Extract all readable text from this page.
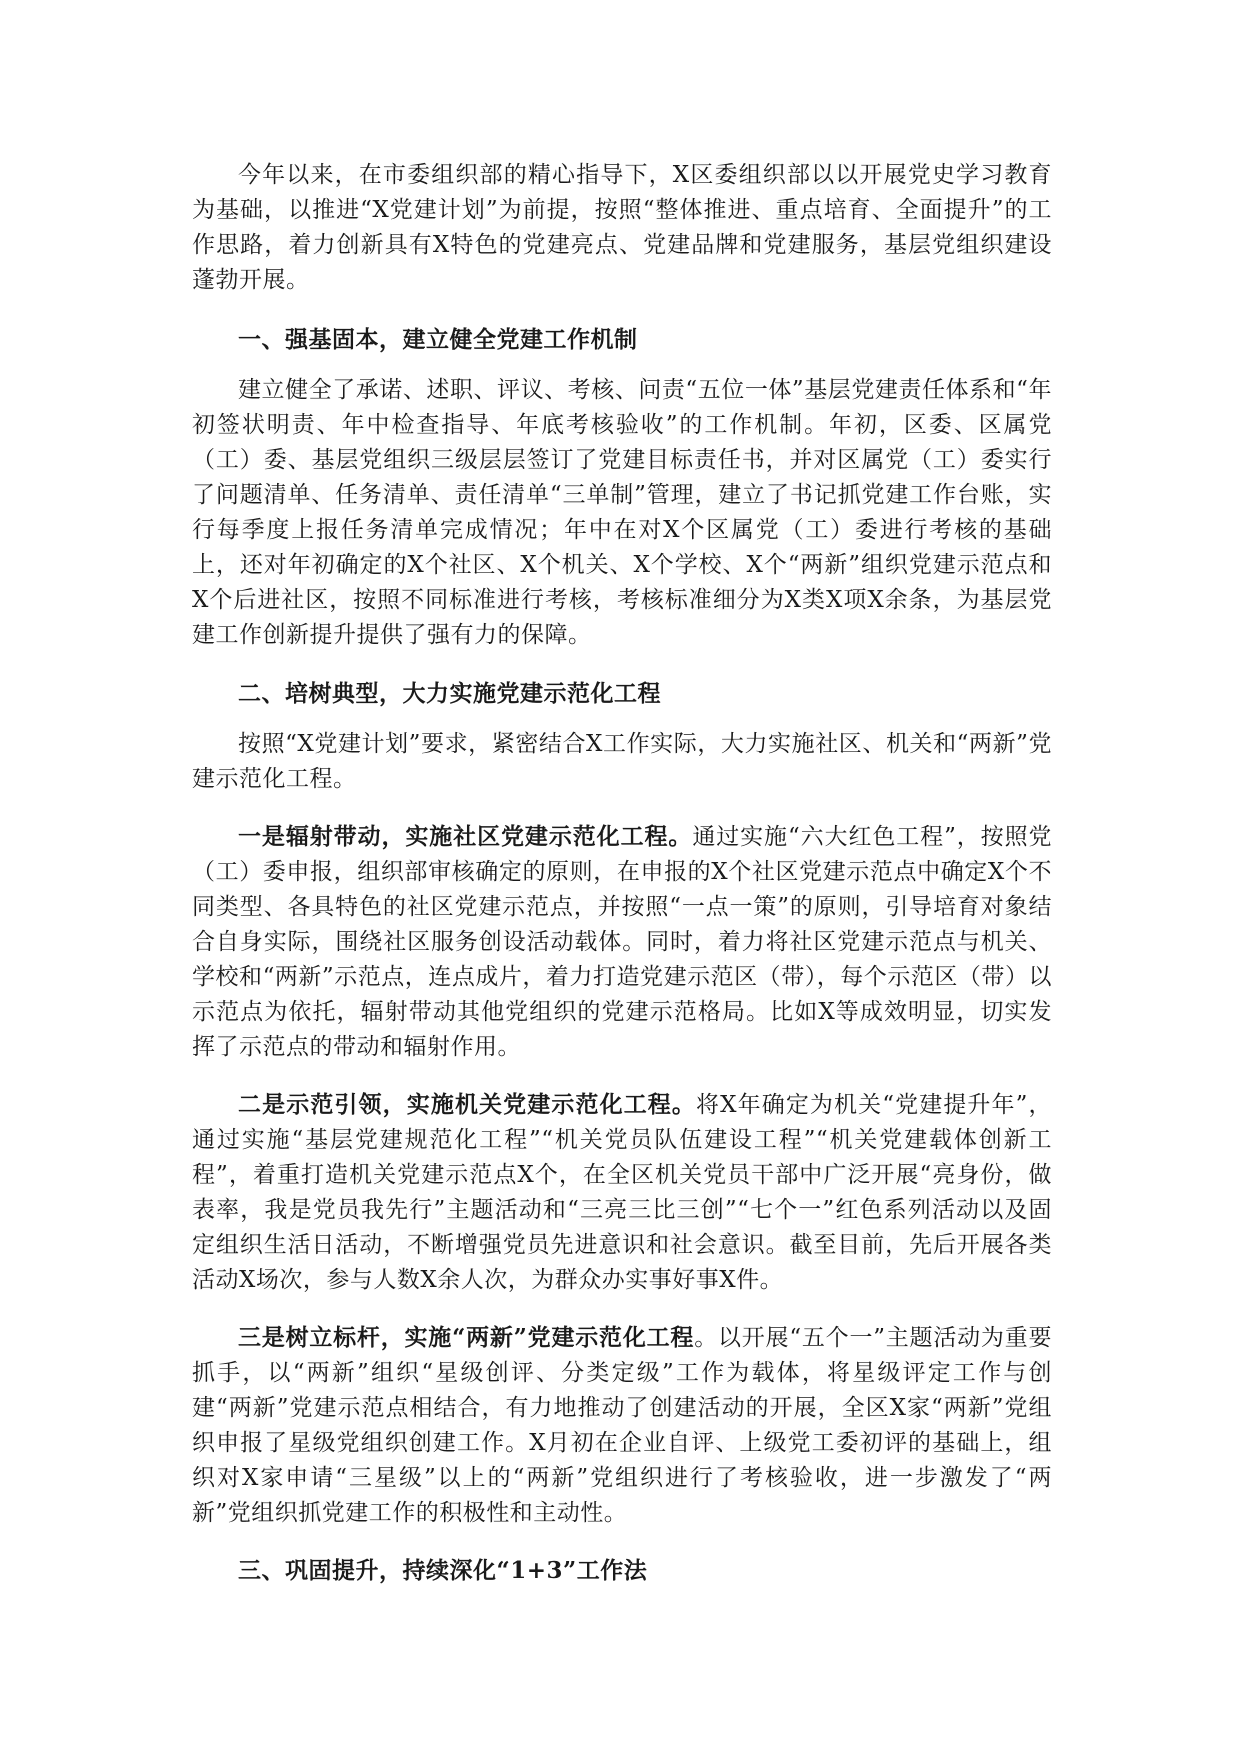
今年以来，在市委组织部的精心指导下，X区委组织部以以开展党史学习教育为基础，以推进“X党建计划”为前提，按照“整体推进、重点培育、全面提升”的工作思路，着力创新具有X特色的党建亮点、党建品牌和党建服务，基层党组织建设蓬勃开展。

一、强基固本，建立健全党建工作机制

建立健全了承诺、述职、评议、考核、问责“五位一体”基层党建责任体系和“年初签状明责、年中检查指导、年底考核验收”的工作机制。年初，区委、区属党（工）委、基层党组织三级层层签订了党建目标责任书，并对区属党（工）委实行了问题清单、任务清单、责任清单“三单制”管理，建立了书记抓党建工作台账，实行每季度上报任务清单完成情况；年中在对X个区属党（工）委进行考核的基础上，还对年初确定的X个社区、X个机关、X个学校、X个“两新”组织党建示范点和X个后进社区，按照不同标准进行考核，考核标准细分为X类X项X余条，为基层党建工作创新提升提供了强有力的保障。

二、培树典型，大力实施党建示范化工程

按照“X党建计划”要求，紧密结合X工作实际，大力实施社区、机关和“两新”党建示范化工程。

一是辐射带动，实施社区党建示范化工程。通过实施“六大红色工程”，按照党（工）委申报，组织部审核确定的原则，在申报的X个社区党建示范点中确定X个不同类型、各具特色的社区党建示范点，并按照“一点一策”的原则，引导培育对象结合自身实际，围绕社区服务创设活动载体。同时，着力将社区党建示范点与机关、学校和“两新”示范点，连点成片，着力打造党建示范区（带），每个示范区（带）以示范点为依托，辐射带动其他党组织的党建示范格局。比如X等成效明显，切实发挥了示范点的带动和辐射作用。

二是示范引领，实施机关党建示范化工程。将X年确定为机关“党建提升年”，通过实施“基层党建规范化工程”“机关党员队伍建设工程”“机关党建载体创新工程”，着重打造机关党建示范点X个，在全区机关党员干部中广泛开展“亮身份，做表率，我是党员我先行”主题活动和“三亮三比三创”“七个一”红色系列活动以及固定组织生活日活动，不断增强党员先进意识和社会意识。截至目前，先后开展各类活动X场次，参与人数X余人次，为群众办实事好事X件。

三是树立标杆，实施“两新”党建示范化工程。以开展“五个一”主题活动为重要抓手，以“两新”组织“星级创评、分类定级”工作为载体，将星级评定工作与创建“两新”党建示范点相结合，有力地推动了创建活动的开展，全区X家“两新”党组织申报了星级党组织创建工作。X月初在企业自评、上级党工委初评的基础上，组织对X家申请“三星级”以上的“两新”党组织进行了考核验收，进一步激发了“两新”党组织抓党建工作的积极性和主动性。

三、巩固提升，持续深化“1+3”工作法
